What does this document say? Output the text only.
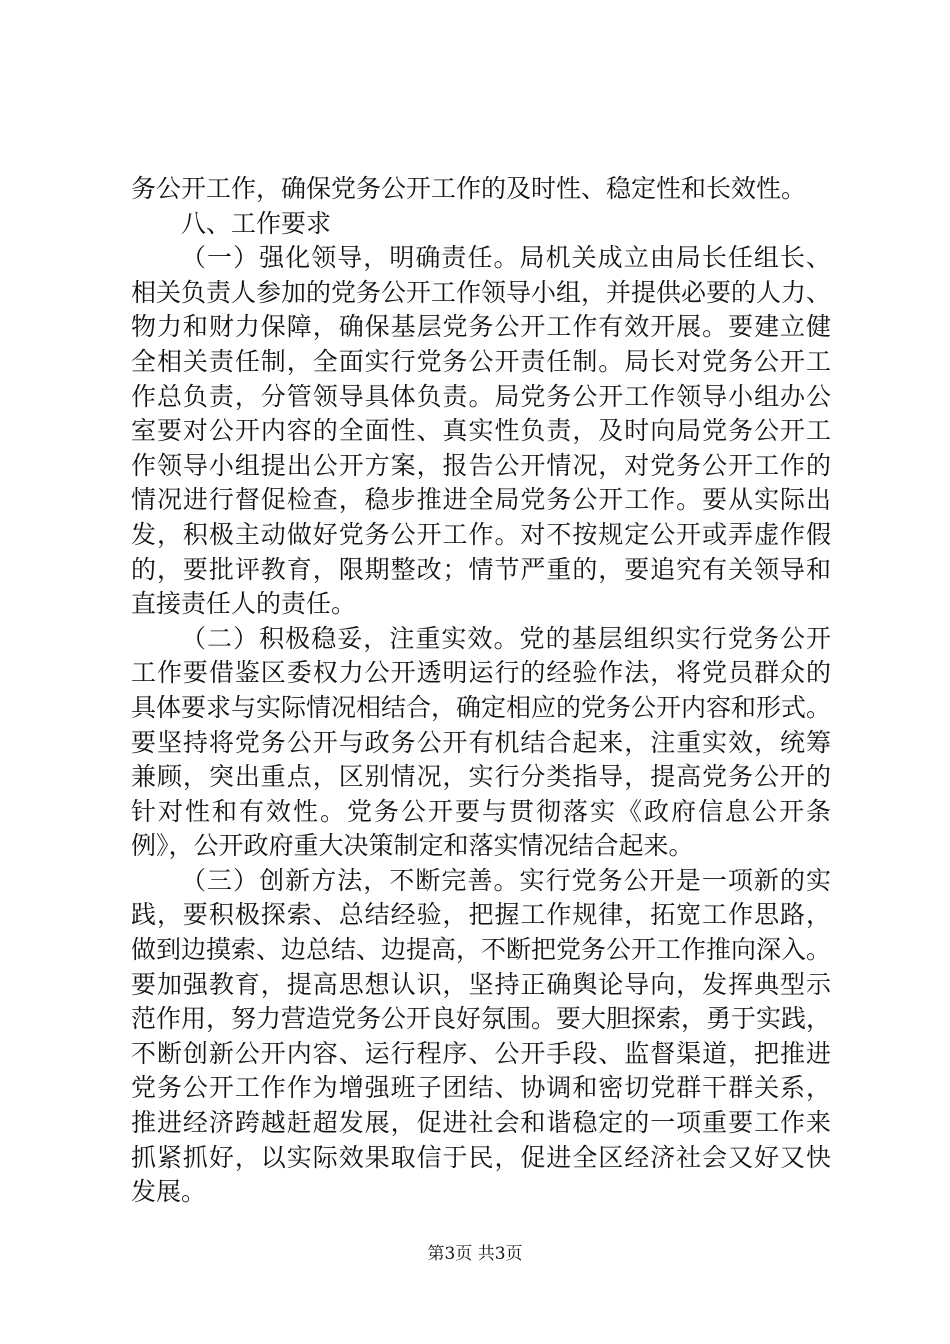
务公开工作，确保党务公开工作的及时性、稳定性和长效性。
八、工作要求
（一）强化领导，明确责任。局机关成立由局长任组长、
相关负责人参加的党务公开工作领导小组，并提供必要的人力、
物力和财力保障，确保基层党务公开工作有效开展。要建立健
全相关责任制，全面实行党务公开责任制。局长对党务公开工
作总负责，分管领导具体负责。局党务公开工作领导小组办公
室要对公开内容的全面性、真实性负责，及时向局党务公开工
作领导小组提出公开方案，报告公开情况，对党务公开工作的
情况进行督促检查，稳步推进全局党务公开工作。要从实际出
发，积极主动做好党务公开工作。对不按规定公开或弄虚作假
的，要批评教育，限期整改；情节严重的，要追究有关领导和
直接责任人的责任。
（二）积极稳妥，注重实效。党的基层组织实行党务公开
工作要借鉴区委权力公开透明运行的经验作法，将党员群众的
具体要求与实际情况相结合，确定相应的党务公开内容和形式。
要坚持将党务公开与政务公开有机结合起来，注重实效，统筹
兼顾，突出重点，区别情况，实行分类指导，提高党务公开的
针对性和有效性。党务公开要与贯彻落实《政府信息公开条
例》，公开政府重大决策制定和落实情况结合起来。
（三）创新方法，不断完善。实行党务公开是一项新的实
践，要积极探索、总结经验，把握工作规律，拓宽工作思路，
做到边摸索、边总结、边提高，不断把党务公开工作推向深入。
要加强教育，提高思想认识，坚持正确舆论导向，发挥典型示
范作用，努力营造党务公开良好氛围。要大胆探索，勇于实践，
不断创新公开内容、运行程序、公开手段、监督渠道，把推进
党务公开工作作为增强班子团结、协调和密切党群干群关系，
推进经济跨越赶超发展，促进社会和谐稳定的一项重要工作来
抓紧抓好，以实际效果取信于民，促进全区经济社会又好又快
发展。
第3页 共3页
